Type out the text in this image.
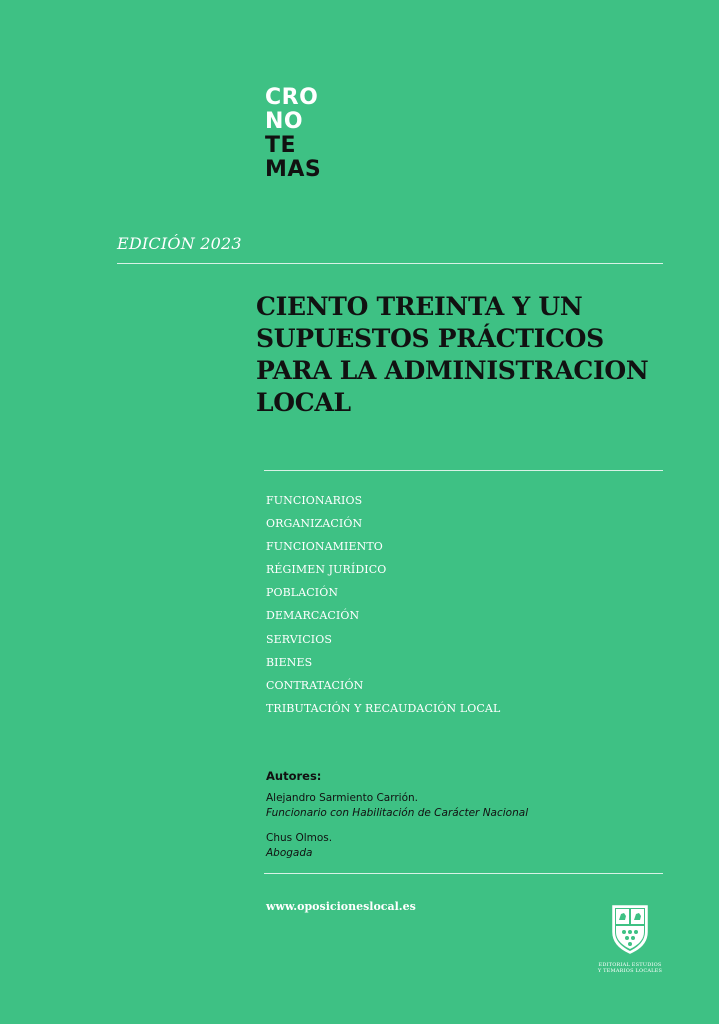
CRO
NO
TE
MAS
EDICIÓN 2023
CIENTO TREINTA Y UN
SUPUESTOS PRÁCTICOS
PARA LA ADMINISTRACION
LOCAL
FUNCIONARIOS
ORGANIZACIÓN
FUNCIONAMIENTO
RÉGIMEN JURÍDICO
POBLACIÓN
DEMARCACIÓN
SERVICIOS
BIENES
CONTRATACIÓN
TRIBUTACIÓN Y RECAUDACIÓN LOCAL
Autores:
Alejandro Sarmiento Carrión.
Funcionario con Habilitación de Carácter Nacional
Chus Olmos.
Abogada
www.oposicioneslocal.es
EDITORIAL ESTUDIOS
Y TEMARIOS LOCALES
